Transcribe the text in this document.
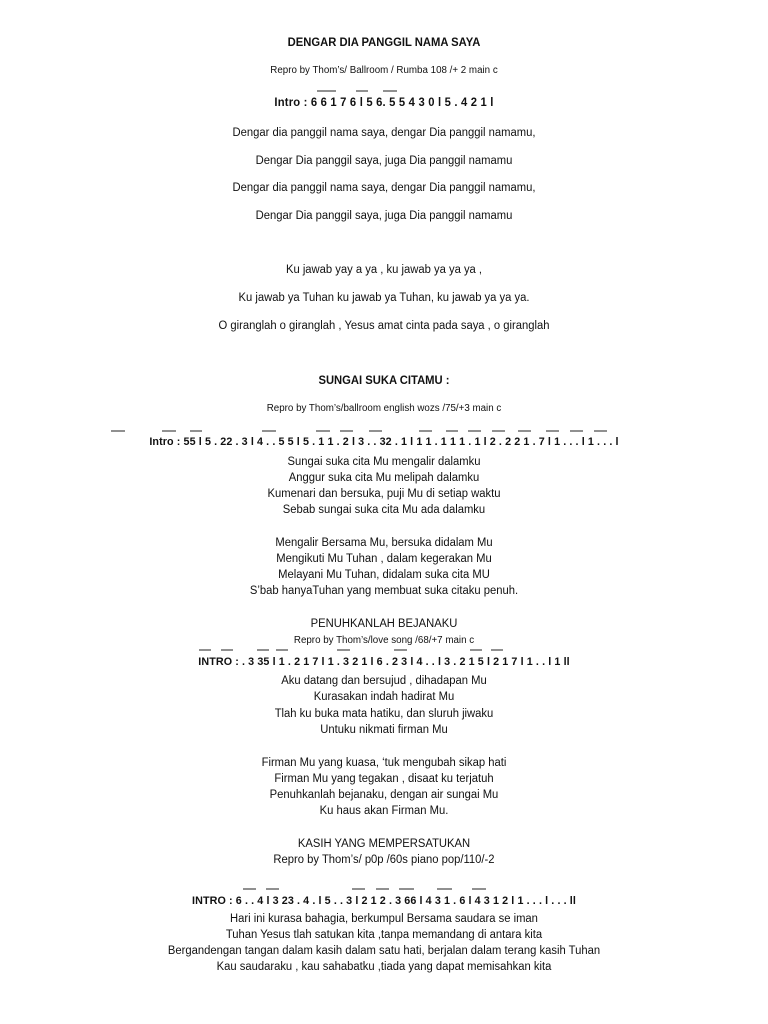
DENGAR DIA PANGGIL NAMA SAYA
Repro by Thom’s/ Ballroom / Rumba 108 /+ 2 main c
Intro : 6 6 1 7 6 l 5 6. 5 5 4 3 0 l 5 . 4 2 1 l
Dengar dia panggil nama saya, dengar Dia panggil namamu,
Dengar Dia panggil saya, juga Dia panggil namamu
Dengar dia panggil nama saya, dengar Dia panggil namamu,
Dengar Dia panggil saya, juga Dia panggil namamu
Ku jawab yay a ya , ku jawab ya ya ya ,
Ku jawab ya Tuhan ku jawab ya Tuhan, ku jawab ya ya ya.
O giranglah o giranglah , Yesus amat cinta pada saya , o giranglah
SUNGAI SUKA CITAMU :
Repro by Thom’s/ballroom english wozs /75/+3 main c
Intro : 55 l 5 . 22 . 3 l 4 . . 5 5 l 5 . 1 1 . 2 l 3 . . 32 . 1 l 1 1 . 1 1 1 . 1 l 2 . 2 2 1 . 7 l 1 . . . l 1 . . . l
Sungai suka cita Mu mengalir dalamku
Anggur suka cita Mu melipah dalamku
Kumenari dan bersuka, puji Mu di setiap waktu
Sebab sungai suka cita Mu ada dalamku
Mengalir Bersama Mu, bersuka didalam Mu
Mengikuti Mu Tuhan , dalam kegerakan Mu
Melayani Mu Tuhan, didalam suka cita MU
S’bab hanyaTuhan yang membuat suka citaku penuh.
PENUHKANLAH BEJANAKU
Repro by Thom’s/love song /68/+7 main c
INTRO : . 3 35 l 1 . 2 1 7 l 1 . 3 2 1 l 6 . 2 3 l 4 . . l 3 . 2 1 5 l 2 1 7 l 1 . . l 1 ll
Aku datang dan bersujud , dihadapan Mu
Kurasakan indah hadirat Mu
Tlah ku buka mata hatiku, dan sluruh jiwaku
Untuku nikmati firman Mu
Firman Mu yang kuasa, ‘tuk mengubah sikap hati
Firman Mu yang tegakan , disaat ku terjatuh
Penuhkanlah bejanaku, dengan air sungai Mu
Ku haus akan Firman Mu.
KASIH YANG MEMPERSATUKAN
Repro by Thom’s/ p0p /60s piano pop/110/-2
INTRO : 6 . . 4 l 3 23 . 4 . l 5 . . 3 l 2 1 2 . 3 66 l 4 3 1 . 6 l 4 3 1 2 l 1 . . . l . . . ll
Hari ini kurasa bahagia, berkumpul Bersama saudara se iman
Tuhan Yesus tlah satukan kita ,tanpa memandang di antara kita
Bergandengan tangan dalam kasih dalam satu hati, berjalan dalam terang kasih Tuhan
Kau saudaraku , kau sahabatku ,tiada yang dapat memisahkan kita
